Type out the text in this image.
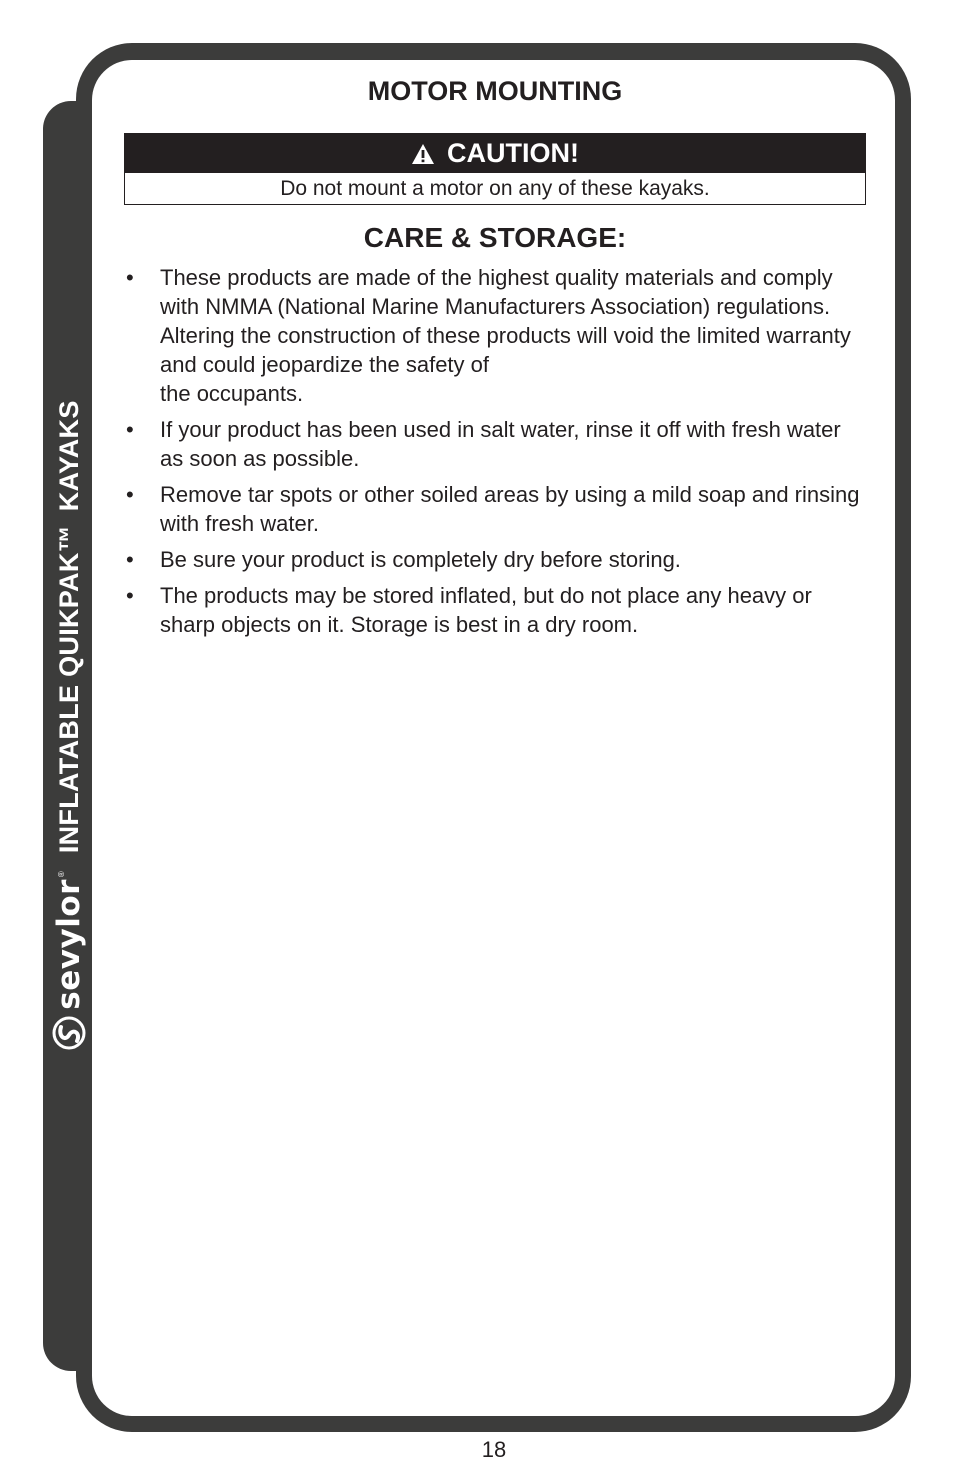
sevylor
®
INFLATABLE QUIKPAK™ KAYAKS
MOTOR MOUNTING
CAUTION!
Do not mount a motor on any of these kayaks.
CARE & STORAGE:
• These products are made of the highest quality materials and comply with NMMA (National Marine Manufacturers Association) regulations. Altering the construction of these products will void the limited warranty and could jeopardize the safety of
the occupants.
• If your product has been used in salt water, rinse it off with fresh water as soon as possible.
• Remove tar spots or other soiled areas by using a mild soap and rinsing with fresh water.
• Be sure your product is completely dry before storing.
• The products may be stored inflated, but do not place any heavy or sharp objects on it. Storage is best in a dry room.
18
